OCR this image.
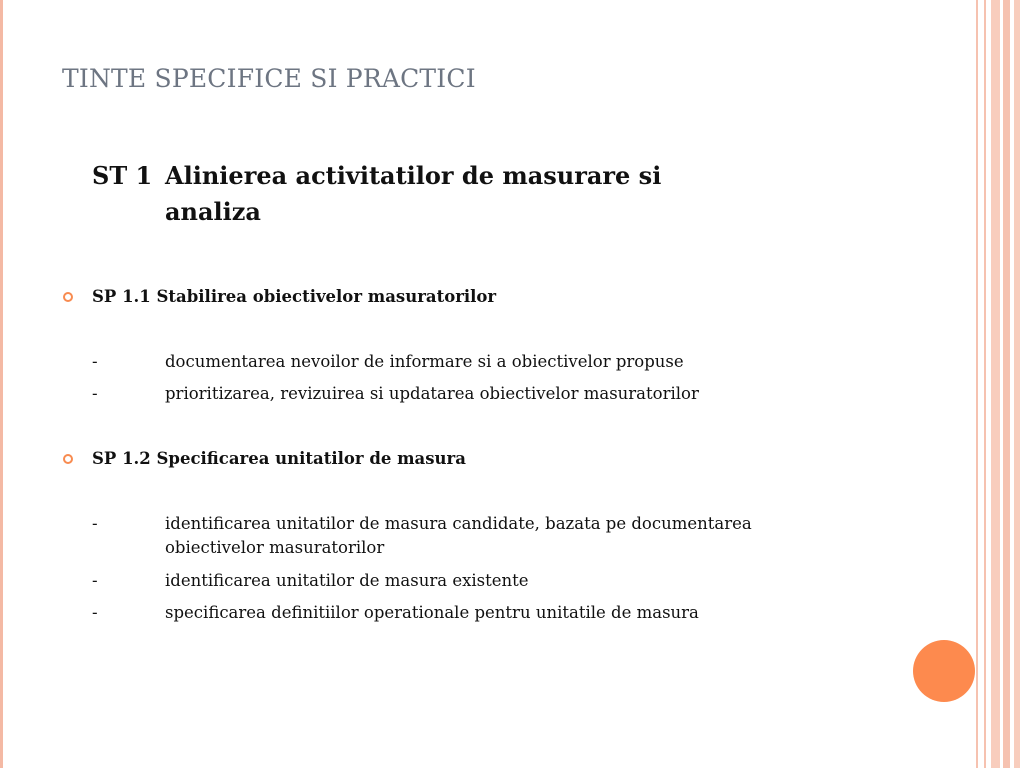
TINTE SPECIFICE SI PRACTICI
ST 1 Alinierea activitatilor de masurare si
analiza
SP 1.1 Stabilirea obiectivelor masuratorilor
-	documentarea nevoilor de informare si a obiectivelor propuse
-	prioritizarea, revizuirea si updatarea obiectivelor masuratorilor
SP 1.2 Specificarea unitatilor de masura
-	identificarea unitatilor de masura candidate, bazata pe documentarea obiectivelor masuratorilor
-	identificarea unitatilor de masura existente
-	specificarea definitiilor operationale pentru unitatile de masura
